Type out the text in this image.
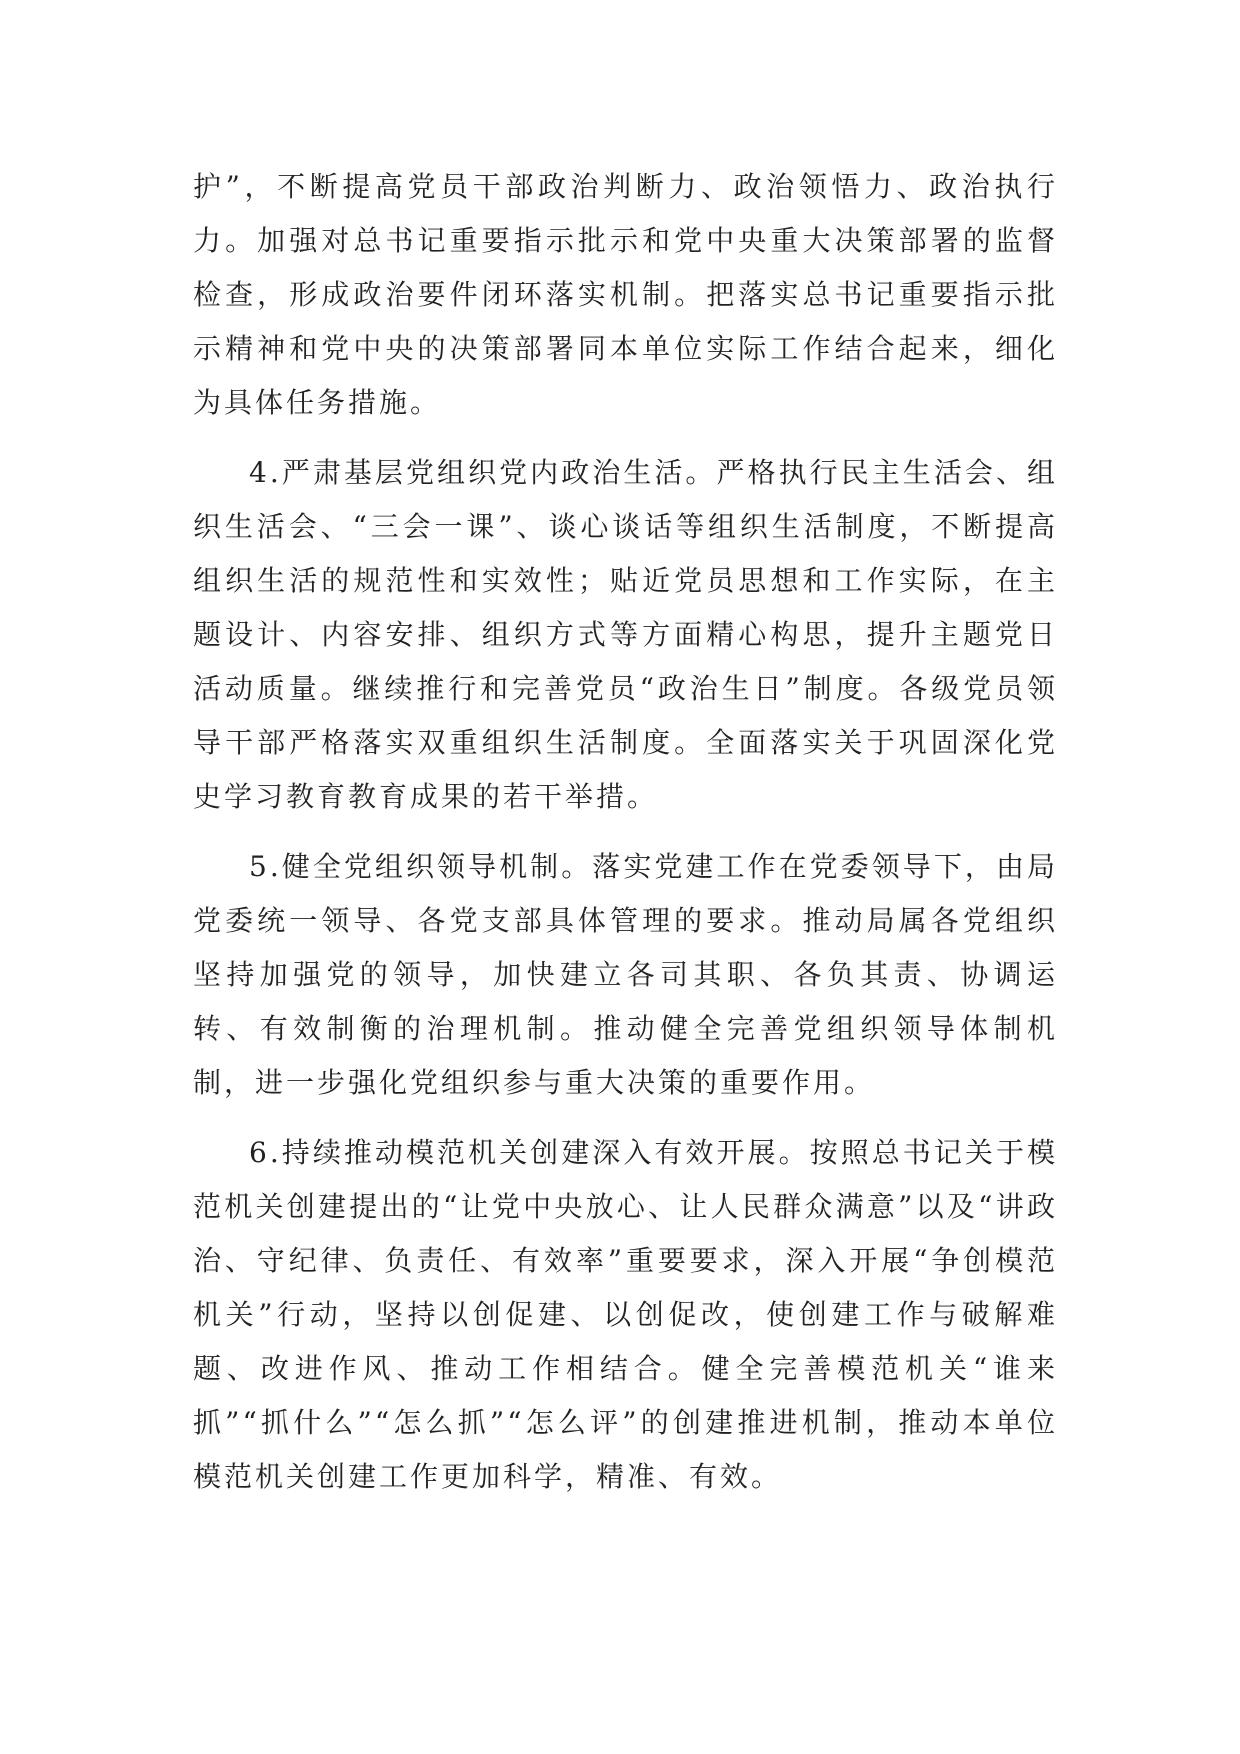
护”，不断提高党员干部政治判断力、政治领悟力、政治执行力。加强对总书记重要指示批示和党中央重大决策部署的监督检查，形成政治要件闭环落实机制。把落实总书记重要指示批示精神和党中央的决策部署同本单位实际工作结合起来，细化为具体任务措施。

4.严肃基层党组织党内政治生活。严格执行民主生活会、组织生活会、“三会一课”、谈心谈话等组织生活制度，不断提高组织生活的规范性和实效性；贴近党员思想和工作实际，在主题设计、内容安排、组织方式等方面精心构思，提升主题党日活动质量。继续推行和完善党员“政治生日”制度。各级党员领导干部严格落实双重组织生活制度。全面落实关于巩固深化党史学习教育教育成果的若干举措。

5.健全党组织领导机制。落实党建工作在党委领导下，由局党委统一领导、各党支部具体管理的要求。推动局属各党组织坚持加强党的领导，加快建立各司其职、各负其责、协调运转、有效制衡的治理机制。推动健全完善党组织领导体制机制，进一步强化党组织参与重大决策的重要作用。

6.持续推动模范机关创建深入有效开展。按照总书记关于模范机关创建提出的“让党中央放心、让人民群众满意”以及“讲政治、守纪律、负责任、有效率”重要要求，深入开展“争创模范机关”行动，坚持以创促建、以创促改，使创建工作与破解难题、改进作风、推动工作相结合。健全完善模范机关“谁来抓”“抓什么”“怎么抓”“怎么评”的创建推进机制，推动本单位模范机关创建工作更加科学，精准、有效。
